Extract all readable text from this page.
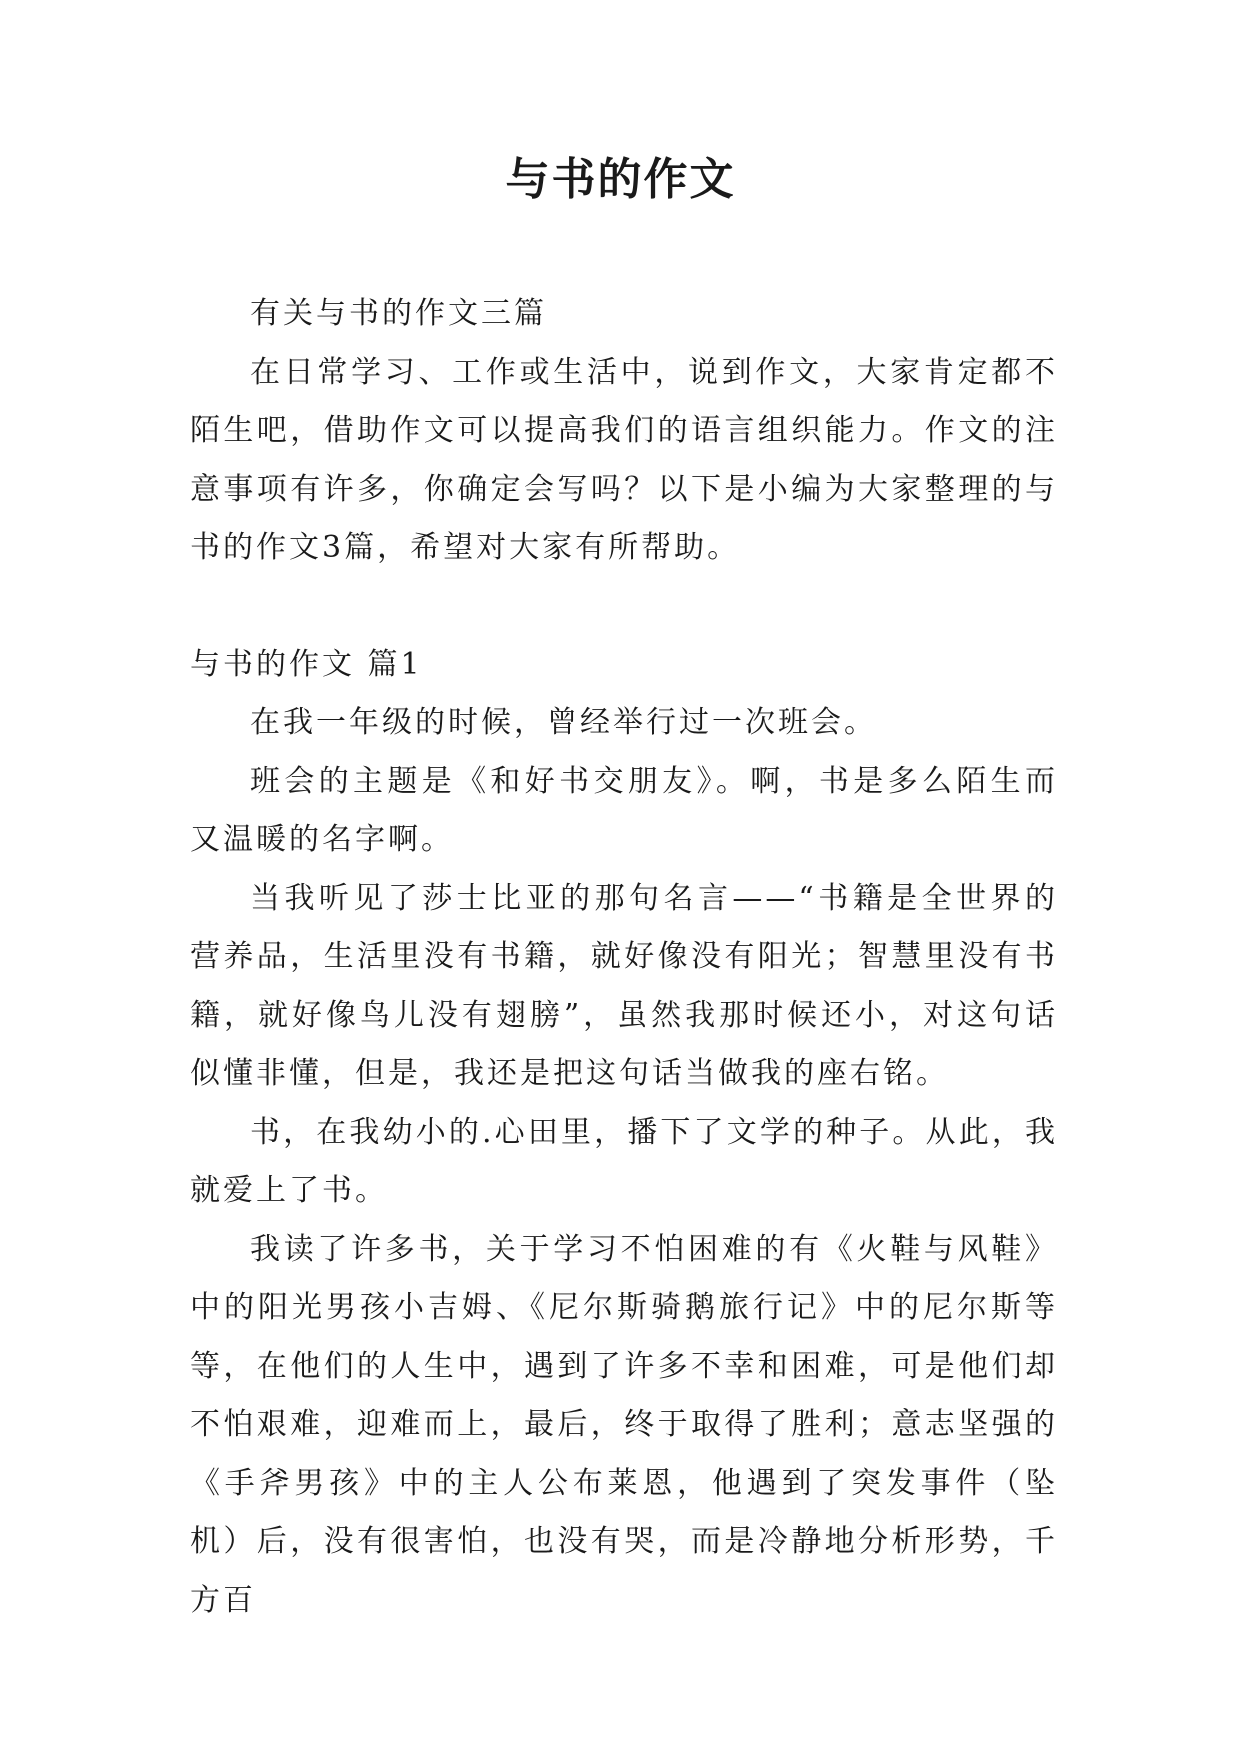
与书的作文

有关与书的作文三篇

在日常学习、工作或生活中，说到作文，大家肯定都不陌生吧，借助作文可以提高我们的语言组织能力。作文的注意事项有许多，你确定会写吗？以下是小编为大家整理的与书的作文3篇，希望对大家有所帮助。

与书的作文 篇1

在我一年级的时候，曾经举行过一次班会。

班会的主题是《和好书交朋友》。啊，书是多么陌生而又温暖的名字啊。

当我听见了莎士比亚的那句名言——“书籍是全世界的营养品，生活里没有书籍，就好像没有阳光；智慧里没有书籍，就好像鸟儿没有翅膀”，虽然我那时候还小，对这句话似懂非懂，但是，我还是把这句话当做我的座右铭。

书，在我幼小的.心田里，播下了文学的种子。从此，我就爱上了书。

我读了许多书，关于学习不怕困难的有《火鞋与风鞋》中的阳光男孩小吉姆、《尼尔斯骑鹅旅行记》中的尼尔斯等等，在他们的人生中，遇到了许多不幸和困难，可是他们却不怕艰难，迎难而上，最后，终于取得了胜利；意志坚强的《手斧男孩》中的主人公布莱恩，他遇到了突发事件（坠机）后，没有很害怕，也没有哭，而是冷静地分析形势，千方百
